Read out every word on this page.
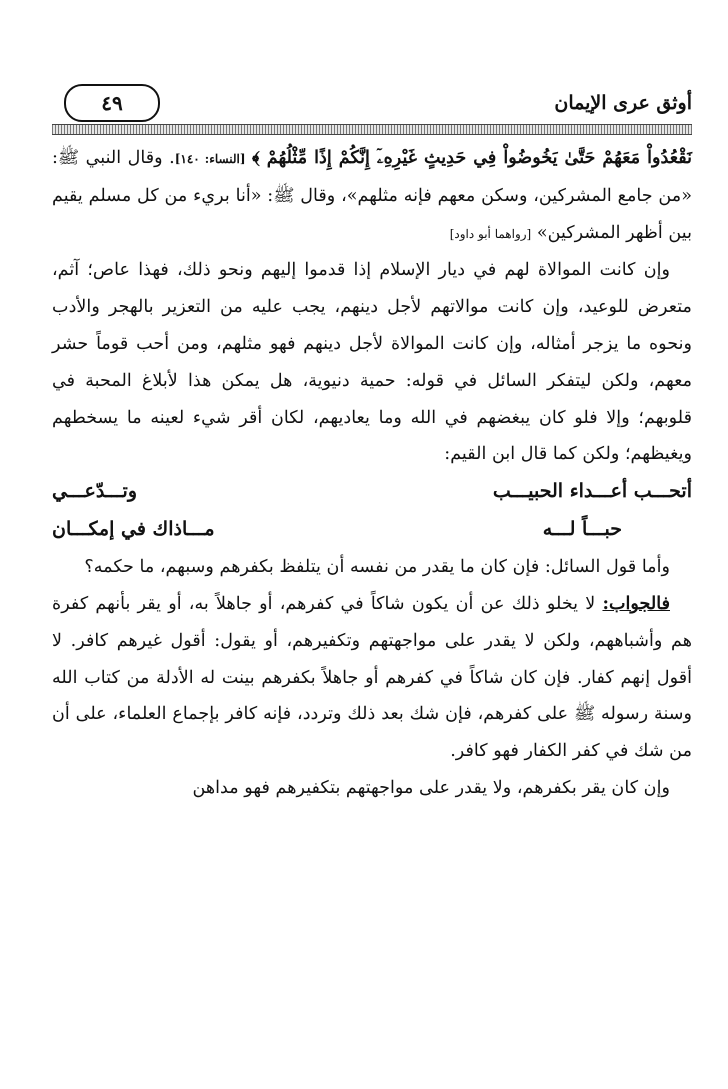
أوثق عرى الإيمان
٤٩

نَقْعُدُواْ مَعَهُمْ حَتَّىٰ يَخُوضُواْ فِي حَدِيثٍ غَيْرِهِۦٓ إِنَّكُمْ إِذًا مِّثْلُهُمْ ﴾ [النساء: ١٤٠]. وقال النبي ﷺ: «من جامع المشركين، وسكن معهم فإنه مثلهم»، وقال ﷺ: «أنا بريء من كل مسلم يقيم بين أظهر المشركين» [رواهما أبو داود]

وإن كانت الموالاة لهم في ديار الإسلام إذا قدموا إليهم ونحو ذلك، فهذا عاص؛ آثم، متعرض للوعيد، وإن كانت موالاتهم لأجل دينهم، يجب عليه من التعزير بالهجر والأدب ونحوه ما يزجر أمثاله، وإن كانت الموالاة لأجل دينهم فهو مثلهم، ومن أحب قوماً حشر معهم، ولكن ليتفكر السائل في قوله: حمية دنيوية، هل يمكن هذا لأبلاغ المحبة في قلوبهم؛ وإلا فلو كان يبغضهم في الله وما يعاديهم، لكان أقر شيء لعينه ما يسخطهم ويغيظهم؛ ولكن كما قال ابن القيم:

أتحـــب أعـــداء الحبيـــب
وتـــدّعـــي
حبـــاً لـــه
مـــاذاك في إمكـــان

وأما قول السائل: فإن كان ما يقدر من نفسه أن يتلفظ بكفرهم وسبهم، ما حكمه؟

فالجواب: لا يخلو ذلك عن أن يكون شاكاً في كفرهم، أو جاهلاً به، أو يقر بأنهم كفرة هم وأشباههم، ولكن لا يقدر على مواجهتهم وتكفيرهم، أو يقول: أقول غيرهم كافر. لا أقول إنهم كفار. فإن كان شاكاً في كفرهم أو جاهلاً بكفرهم بينت له الأدلة من كتاب الله وسنة رسوله ﷺ على كفرهم، فإن شك بعد ذلك وتردد، فإنه كافر بإجماع العلماء، على أن من شك في كفر الكفار فهو كافر.

وإن كان يقر بكفرهم، ولا يقدر على مواجهتهم بتكفيرهم فهو مداهن
